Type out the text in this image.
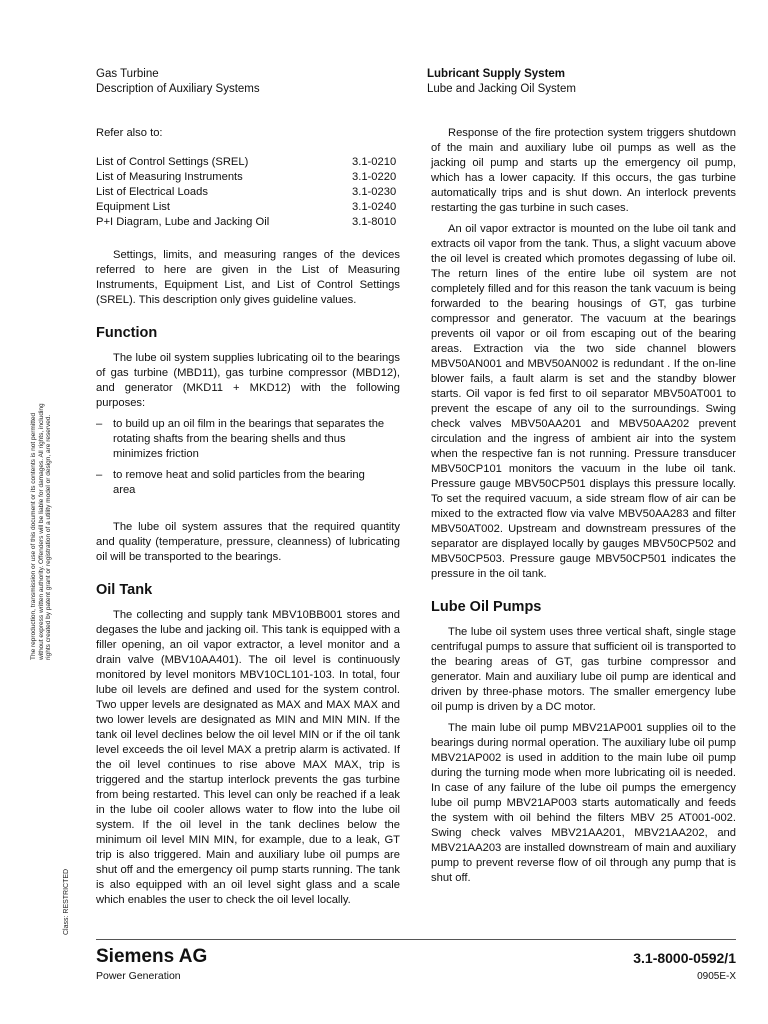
Gas Turbine
Description of Auxiliary Systems
Lubricant Supply System
Lube and Jacking Oil System
Refer also to:
List of Control Settings (SREL)	3.1-0210
List of Measuring Instruments	3.1-0220
List of Electrical Loads	3.1-0230
Equipment List	3.1-0240
P+I Diagram, Lube and Jacking Oil	3.1-8010

Settings, limits, and measuring ranges of the devices referred to here are given in the List of Measuring Instruments, Equipment List, and List of Control Settings (SREL). This description only gives guideline values.

Function

The lube oil system supplies lubricating oil to the bearings of gas turbine (MBD11), gas turbine compressor (MBD12), and generator (MKD11 + MKD12) with the following purposes:

– to build up an oil film in the bearings that separates the rotating shafts from the bearing shells and thus minimizes friction
– to remove heat and solid particles from the bearing area

The lube oil system assures that the required quantity and quality (temperature, pressure, cleanness) of lubricating oil will be transported to the bearings.

Oil Tank

The collecting and supply tank MBV10BB001 stores and degases the lube and jacking oil. This tank is equipped with a filler opening, an oil vapor extractor, a level monitor and a drain valve (MBV10AA401). The oil level is continuously monitored by level monitors MBV10CL101-103. In total, four lube oil levels are defined and used for the system control. Two upper levels are designated as MAX and MAX MAX and two lower levels are designated as MIN and MIN MIN. If the tank oil level declines below the oil level MIN or if the oil tank level exceeds the oil level MAX a pretrip alarm is activated. If the oil level continues to rise above MAX MAX, trip is triggered and the startup interlock prevents the gas turbine from being restarted. This level can only be reached if a leak in the lube oil cooler allows water to flow into the lube oil system. If the oil level in the tank declines below the minimum oil level MIN MIN, for example, due to a leak, GT trip is also triggered. Main and auxiliary lube oil pumps are shut off and the emergency oil pump starts running. The tank is also equipped with an oil level sight glass and a scale which enables the user to check the oil level locally.

Response of the fire protection system triggers shutdown of the main and auxiliary lube oil pumps as well as the jacking oil pump and starts up the emergency oil pump, which has a lower capacity. If this occurs, the gas turbine automatically trips and is shut down. An interlock prevents restarting the gas turbine in such cases.

An oil vapor extractor is mounted on the lube oil tank and extracts oil vapor from the tank. Thus, a slight vacuum above the oil level is created which promotes degassing of lube oil. The return lines of the entire lube oil system are not completely filled and for this reason the tank vacuum is being forwarded to the bearing housings of GT, gas turbine compressor and generator. The vacuum at the bearings prevents oil vapor or oil from escaping out of the bearing areas. Extraction via the two side channel blowers MBV50AN001 and MBV50AN002 is redundant . If the on-line blower fails, a fault alarm is set and the standby blower starts. Oil vapor is fed first to oil separator MBV50AT001 to prevent the escape of any oil to the surroundings. Swing check valves MBV50AA201 and MBV50AA202 prevent circulation and the ingress of ambient air into the system when the respective fan is not running. Pressure transducer MBV50CP101 monitors the vacuum in the lube oil tank. Pressure gauge MBV50CP501 displays this pressure locally. To set the required vacuum, a side stream flow of air can be mixed to the extracted flow via valve MBV50AA283 and filter MBV50AT002. Upstream and downstream pressures of the separator are displayed locally by gauges MBV50CP502 and MBV50CP503. Pressure gauge MBV50CP501 indicates the pressure in the oil tank.

Lube Oil Pumps

The lube oil system uses three vertical shaft, single stage centrifugal pumps to assure that sufficient oil is transported to the bearing areas of GT, gas turbine compressor and generator. Main and auxiliary lube oil pump are identical and driven by three-phase motors. The smaller emergency lube oil pump is driven by a DC motor.

The main lube oil pump MBV21AP001 supplies oil to the bearings during normal operation. The auxiliary lube oil pump MBV21AP002 is used in addition to the main lube oil pump during the turning mode when more lubricating oil is needed. In case of any failure of the lube oil pumps the emergency lube oil pump MBV21AP003 starts automatically and feeds the system with oil behind the filters MBV 25 AT001-002. Swing check valves MBV21AA201, MBV21AA202, and MBV21AA203 are installed downstream of main and auxiliary pump to prevent reverse flow of oil through any pump that is shut off.

The reproduction, transmission or use of this document or its contents is not permitted without express written authority. Offenders will be liable for damages. All rights, including rights created by patent grant or registration of a utility model or design, are reserved.
Class: RESTRICTED
Siemens AG
Power Generation
3.1-8000-0592/1
0905E-X
